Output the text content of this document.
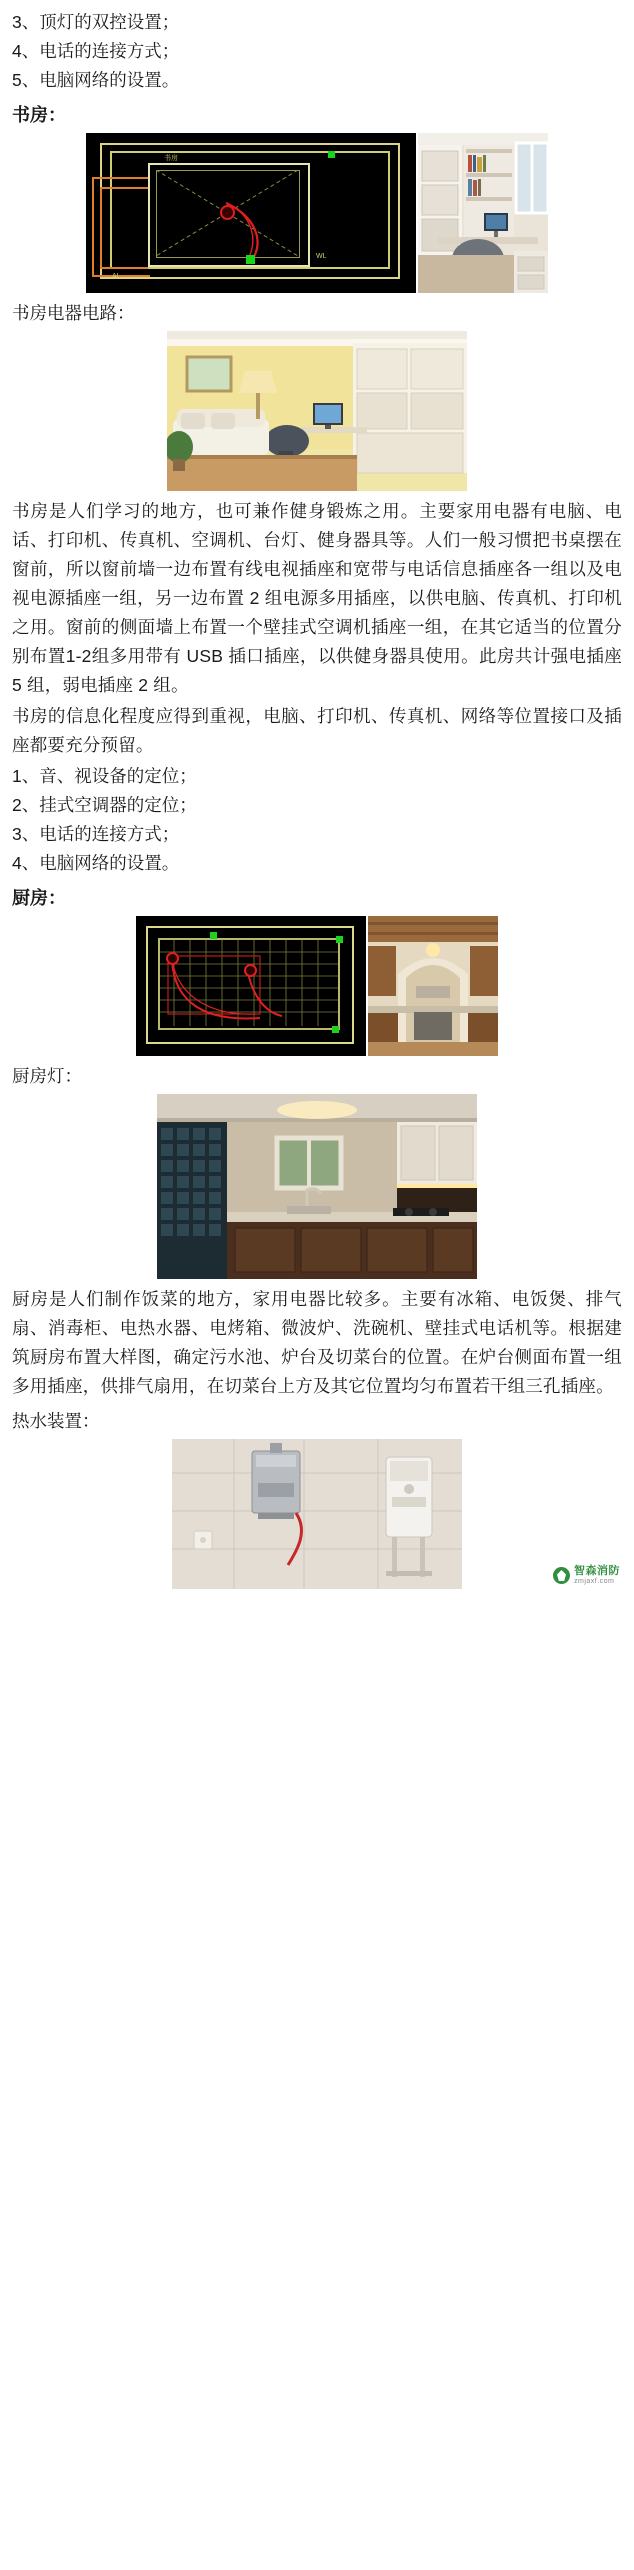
3、顶灯的双控设置；

4、电话的连接方式；

5、电脑网络的设置。

书房：
书房
WL
AL

书房电器电路：

书房是人们学习的地方，也可兼作健身锻炼之用。主要家用电器有电脑、电话、打印机、传真机、空调机、台灯、健身器具等。人们一般习惯把书桌摆在窗前，所以窗前墙一边布置有线电视插座和宽带与电话信息插座各一组以及电视电源插座一组，另一边布置 2 组电源多用插座，以供电脑、传真机、打印机之用。窗前的侧面墙上布置一个壁挂式空调机插座一组，在其它适当的位置分别布置1-2组多用带有 USB 插口插座，以供健身器具使用。此房共计强电插座 5 组，弱电插座 2 组。

书房的信息化程度应得到重视，电脑、打印机、传真机、网络等位置接口及插座都要充分预留。

1、音、视设备的定位；

2、挂式空调器的定位；

3、电话的连接方式；

4、电脑网络的设置。

厨房：

厨房灯：

厨房是人们制作饭菜的地方，家用电器比较多。主要有冰箱、电饭煲、排气扇、消毒柜、电热水器、电烤箱、微波炉、洗碗机、壁挂式电话机等。根据建筑厨房布置大样图，确定污水池、炉台及切菜台的位置。在炉台侧面布置一组多用插座，供排气扇用，在切菜台上方及其它位置均匀布置若干组三孔插座。

热水装置：

智森消防
zmjaxf.com
